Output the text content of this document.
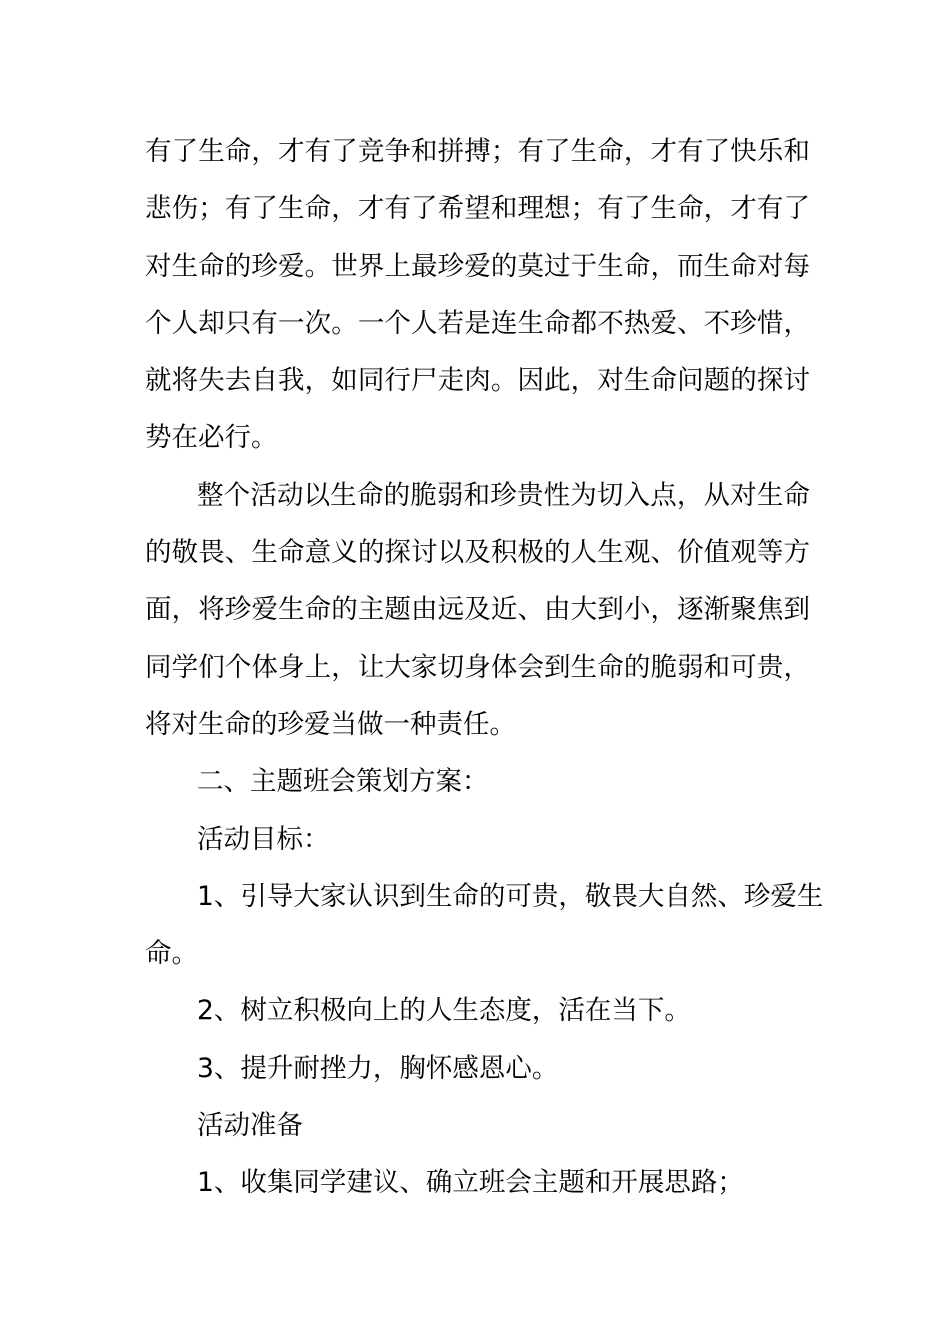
有了生命，才有了竞争和拼搏；有了生命，才有了快乐和
悲伤；有了生命，才有了希望和理想；有了生命，才有了
对生命的珍爱。世界上最珍爱的莫过于生命，而生命对每
个人却只有一次。一个人若是连生命都不热爱、不珍惜，
就将失去自我，如同行尸走肉。因此，对生命问题的探讨
势在必行。
整个活动以生命的脆弱和珍贵性为切入点，从对生命
的敬畏、生命意义的探讨以及积极的人生观、价值观等方
面，将珍爱生命的主题由远及近、由大到小，逐渐聚焦到
同学们个体身上，让大家切身体会到生命的脆弱和可贵，
将对生命的珍爱当做一种责任。
二、主题班会策划方案：
活动目标：
1、引导大家认识到生命的可贵，敬畏大自然、珍爱生
命。
2、树立积极向上的人生态度，活在当下。
3、提升耐挫力，胸怀感恩心。
活动准备
1、收集同学建议、确立班会主题和开展思路；
